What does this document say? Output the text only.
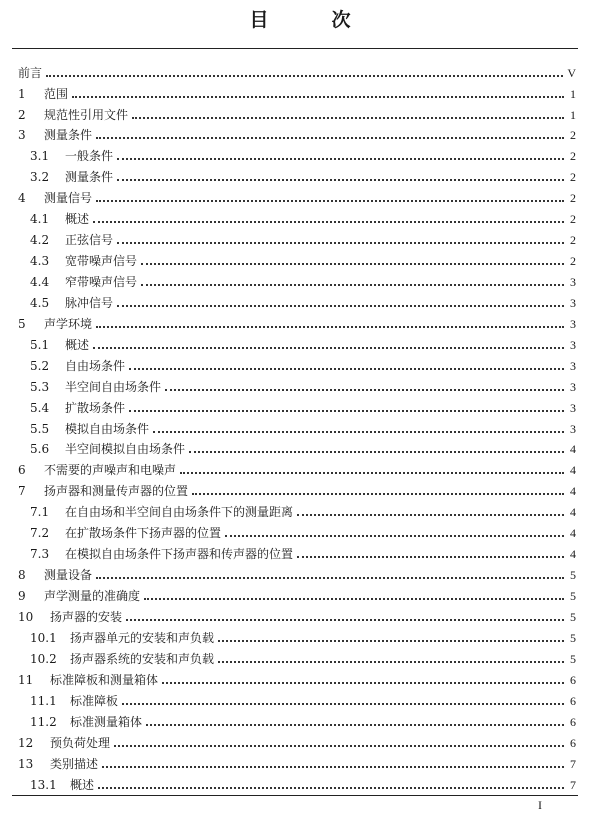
目　次
前言	V
1	范围	1
2	规范性引用文件	1
3	测量条件	2
3.1	一般条件	2
3.2	测量条件	2
4	测量信号	2
4.1	概述	2
4.2	正弦信号	2
4.3	宽带噪声信号	2
4.4	窄带噪声信号	3
4.5	脉冲信号	3
5	声学环境	3
5.1	概述	3
5.2	自由场条件	3
5.3	半空间自由场条件	3
5.4	扩散场条件	3
5.5	模拟自由场条件	3
5.6	半空间模拟自由场条件	4
6	不需要的声噪声和电噪声	4
7	扬声器和测量传声器的位置	4
7.1	在自由场和半空间自由场条件下的测量距离	4
7.2	在扩散场条件下扬声器的位置	4
7.3	在模拟自由场条件下扬声器和传声器的位置	4
8	测量设备	5
9	声学测量的准确度	5
10	扬声器的安装	5
10.1	扬声器单元的安装和声负载	5
10.2	扬声器系统的安装和声负载	5
11	标准障板和测量箱体	6
11.1	标准障板	6
11.2	标准测量箱体	6
12	预负荷处理	6
13	类别描述	7
13.1	概述	7
I
